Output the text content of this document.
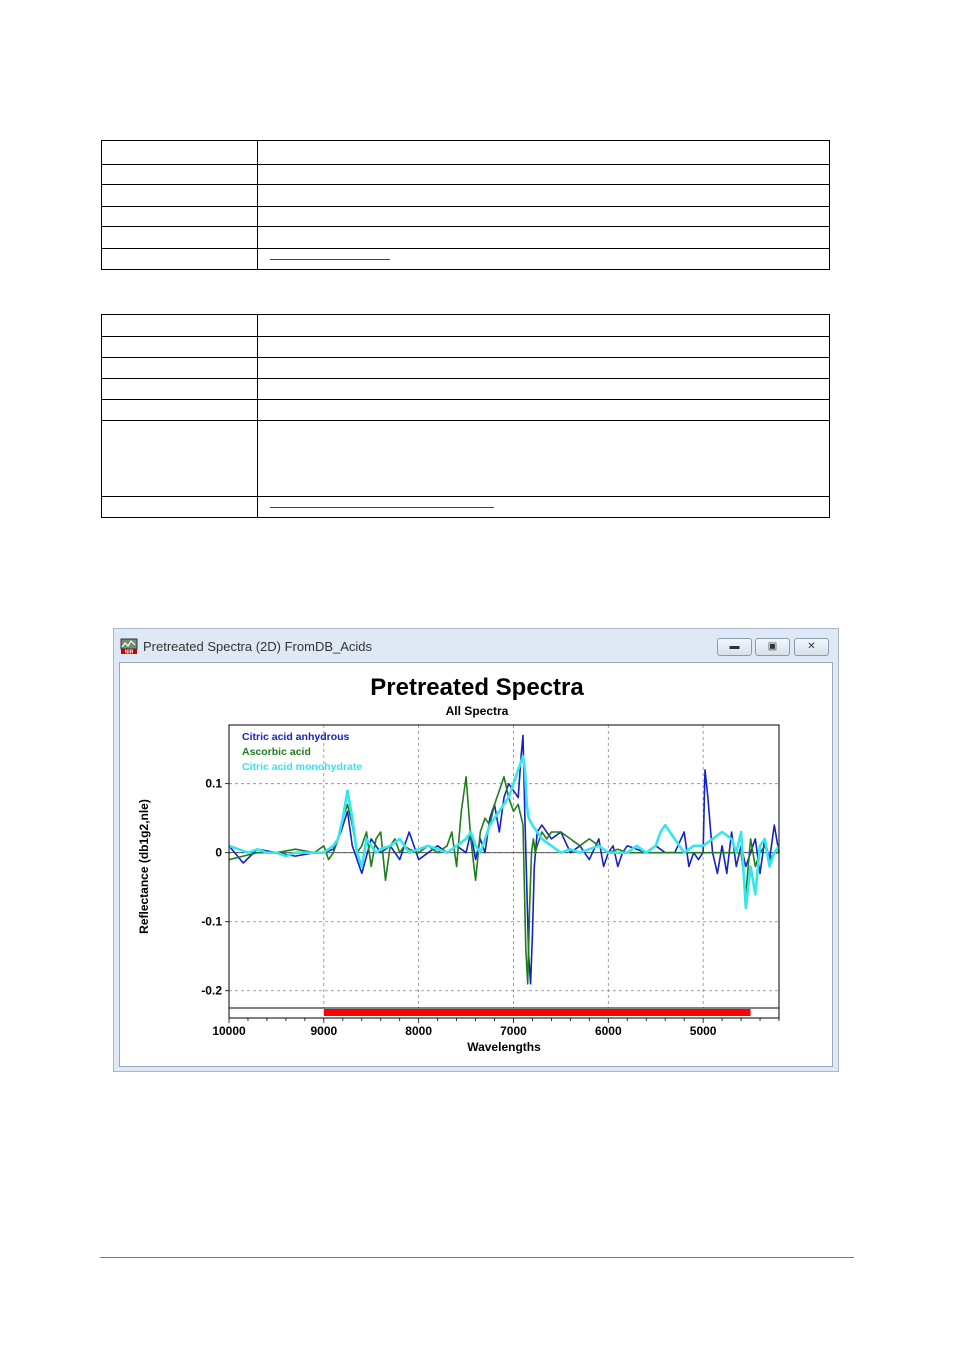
NIR Pretreated Spectra (2D) FromDB_Acids	▬	▣	✕
Pretreated Spectra
All Spectra
10000	9000	8000	7000	6000	5000
0.1
0
-0.1
-0.2
Citric acid anhydrous
Ascorbic acid
Citric acid monohydrate
Wavelengths
Reflectance (db1g2,nle)
